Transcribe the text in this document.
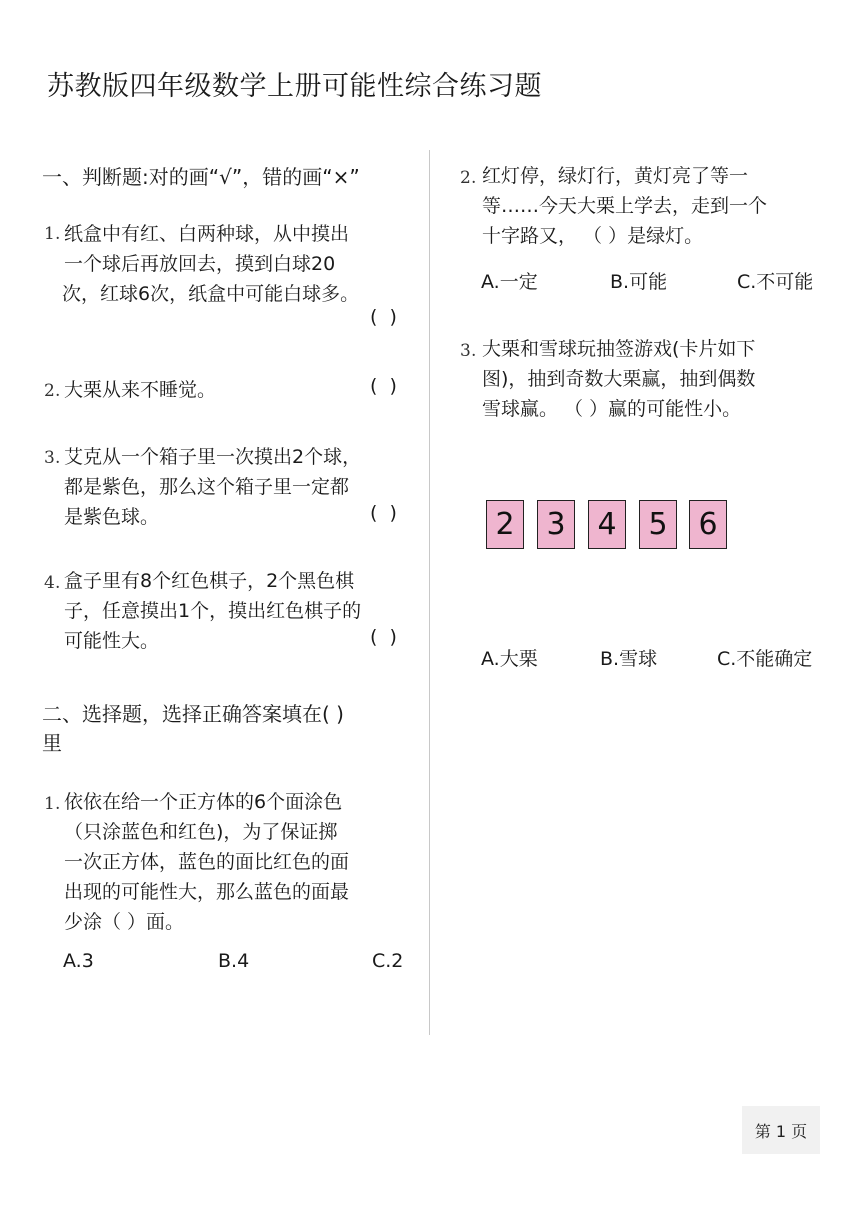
苏教版四年级数学上册可能性综合练习题
一、判断题:对的画“√”，错的画“×”
1 . 纸盒中有红、白两种球，从中摸出
一个球后再放回去，摸到白球20
次，红球6次，纸盒中可能白球多。
(  )
2 . 大栗从来不睡觉。	(  )
3 . 艾克从一个箱子里一次摸出2个球，
都是紫色，那么这个箱子里一定都
是紫色球。	(  )
4 . 盒子里有8个红色棋子，2个黑色棋
子，任意摸出1个，摸出红色棋子的
可能性大。	(  )
二、选择题，选择正确答案填在( )
里
1 . 依依在给一个正方体的6个面涂色
（只涂蓝色和红色)，为了保证掷
一次正方体，蓝色的面比红色的面
出现的可能性大，那么蓝色的面最
少涂（ ）面。
A.3	B.4	C.2
2 . 红灯停，绿灯行，黄灯亮了等一
等……今天大栗上学去，走到一个
十字路又， （ ）是绿灯。
A.一定	B.可能	C.不可能
3 . 大栗和雪球玩抽签游戏(卡片如下
图)，抽到奇数大栗赢，抽到偶数
雪球赢。 （ ）赢的可能性小。
2	3	4	5	6
A.大栗	B.雪球	C.不能确定
第 1 页
